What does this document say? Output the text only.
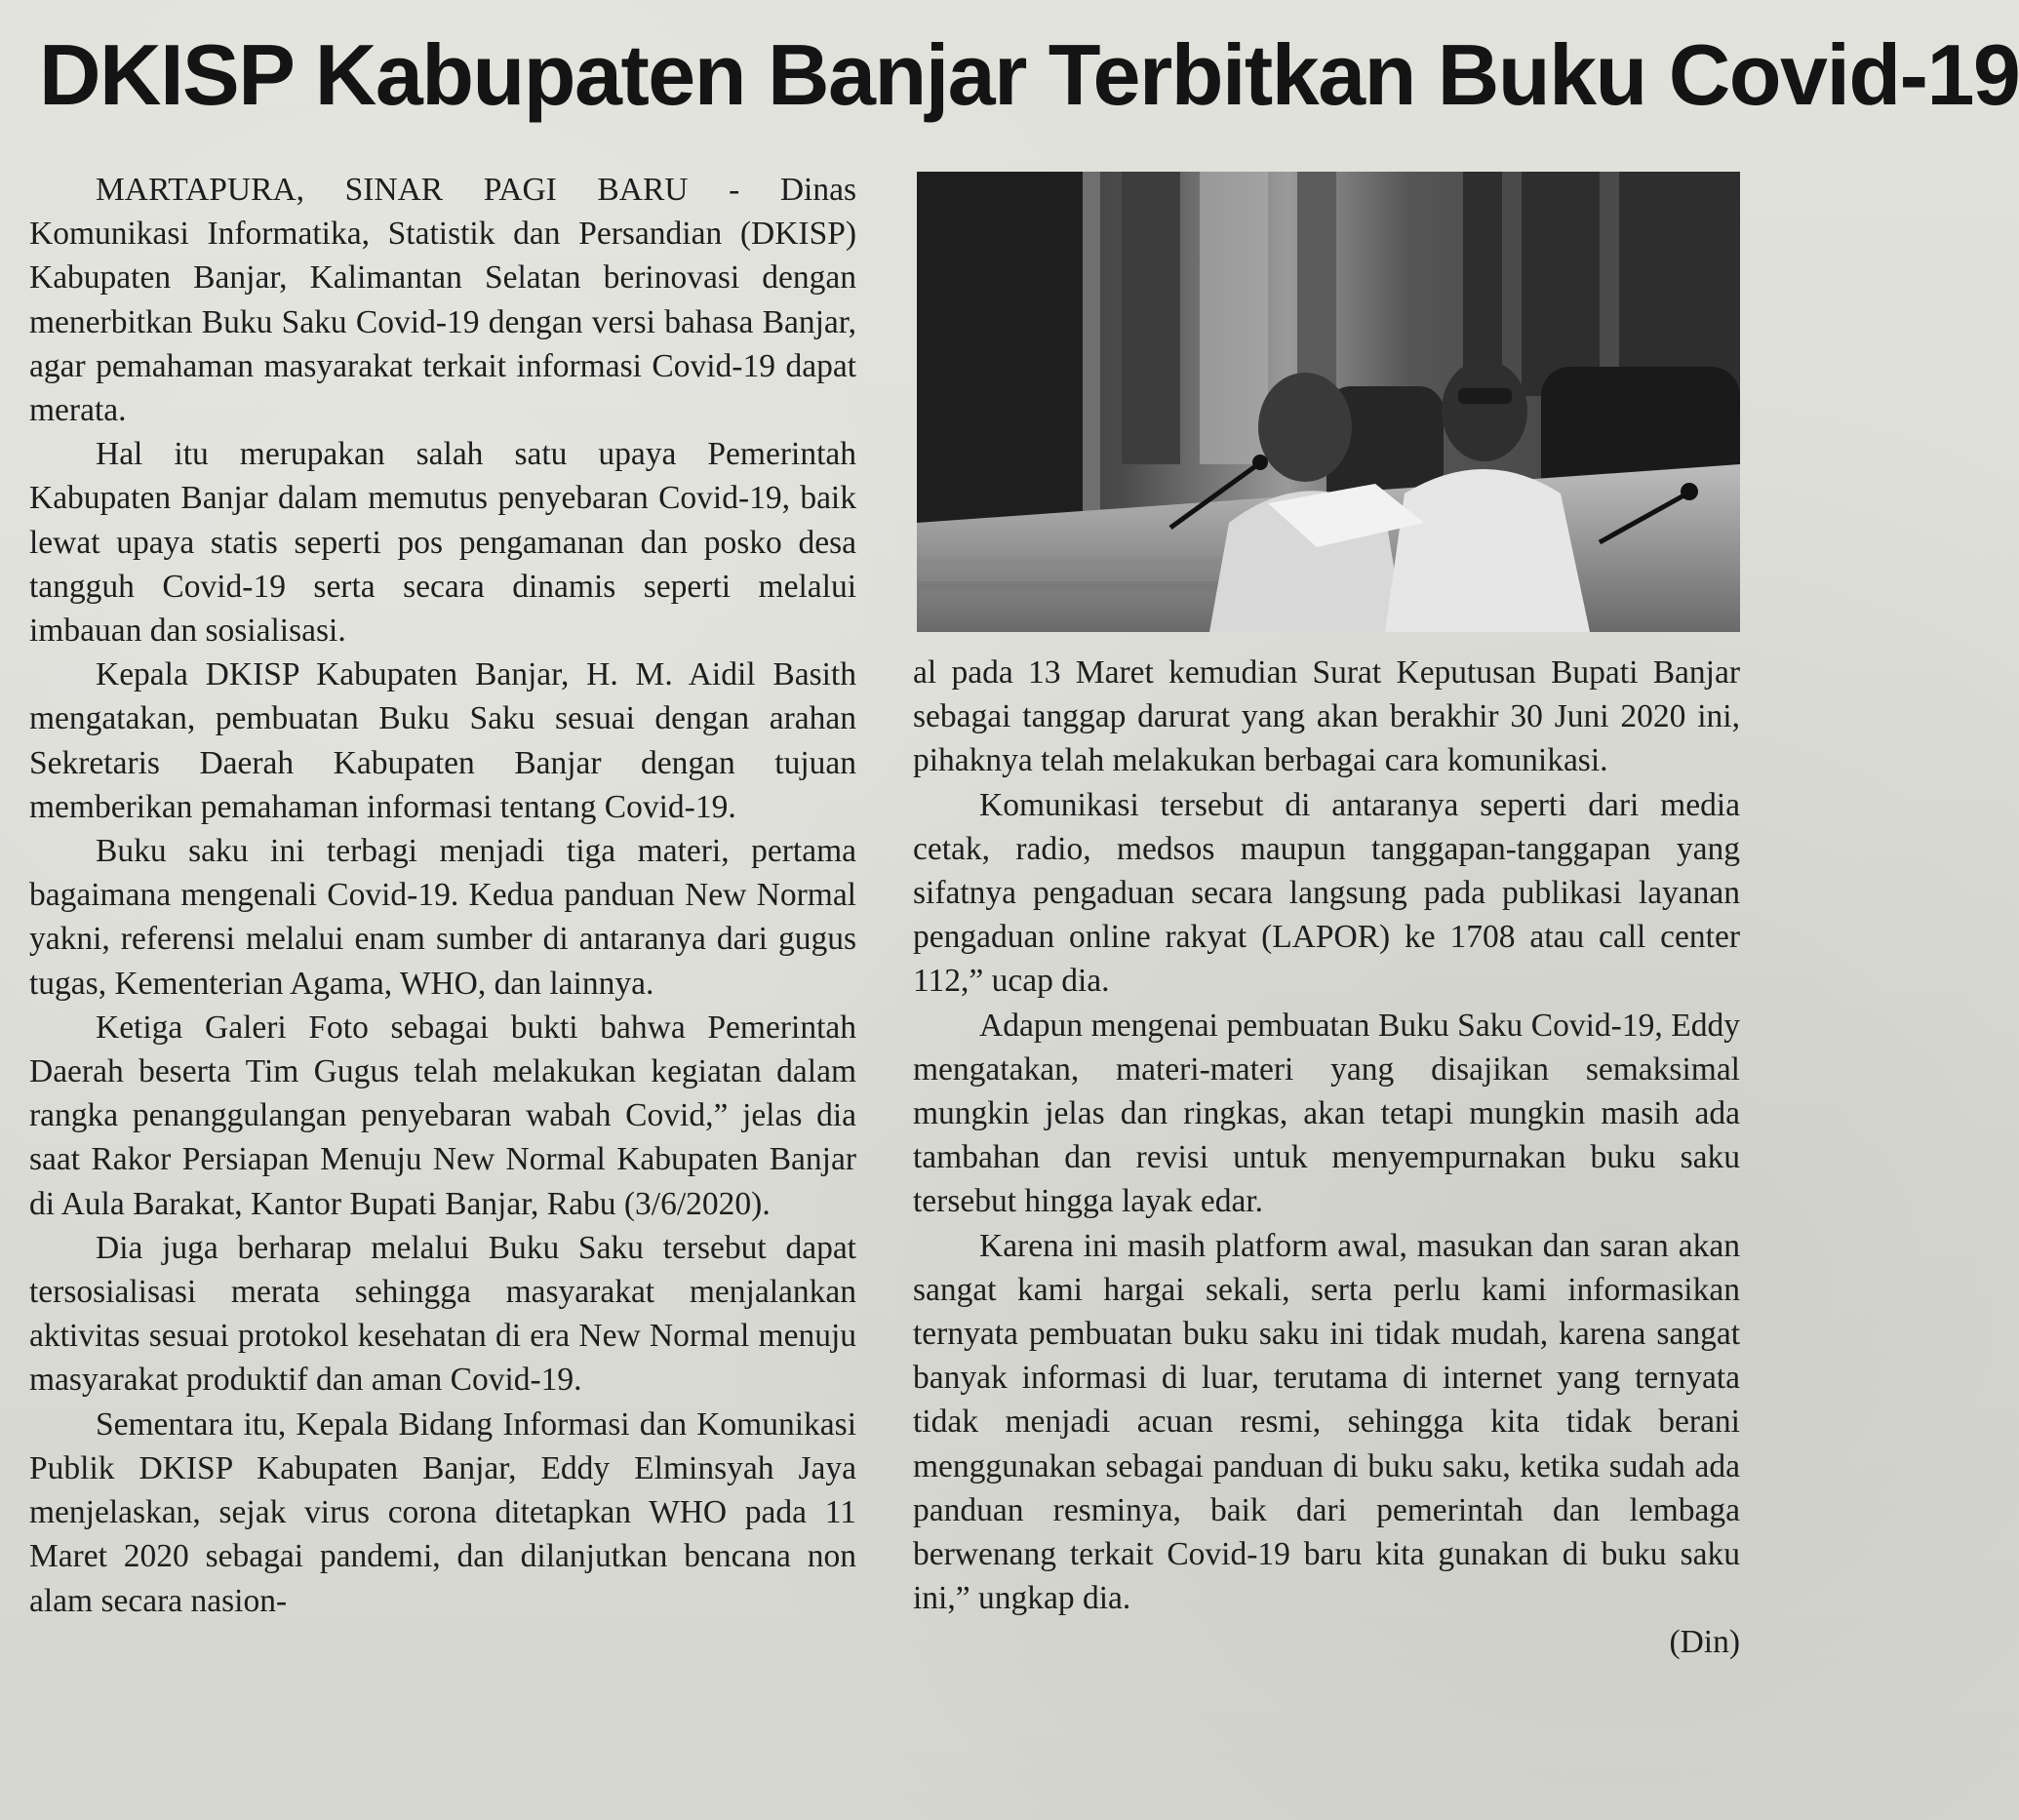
DKISP Kabupaten Banjar Terbitkan Buku Covid-19

MARTAPURA, SINAR PAGI BARU - Dinas Komunikasi Informatika, Statistik dan Persandian (DKISP) Kabupaten Banjar, Kalimantan Selatan berinovasi dengan menerbitkan Buku Saku Covid-19 dengan versi bahasa Banjar, agar pemahaman masyarakat terkait informasi Covid-19 dapat merata.

Hal itu merupakan salah satu upaya Pemerintah Kabupaten Banjar dalam memutus penyebaran Covid-19, baik lewat upaya statis seperti pos pengamanan dan posko desa tangguh Covid-19 serta secara dinamis seperti melalui imbauan dan sosialisasi.

Kepala DKISP Kabupaten Banjar, H. M. Aidil Basith mengatakan, pembuatan Buku Saku sesuai dengan arahan Sekretaris Daerah Kabupaten Banjar dengan tujuan memberikan pemahaman informasi tentang Covid-19.

Buku saku ini terbagi menjadi tiga materi, pertama bagaimana mengenali Covid-19. Kedua panduan New Normal yakni, referensi melalui enam sumber di antaranya dari gugus tugas, Kementerian Agama, WHO, dan lainnya.

Ketiga Galeri Foto sebagai bukti bahwa Pemerintah Daerah beserta Tim Gugus telah melakukan kegiatan dalam rangka penanggulangan penyebaran wabah Covid,” jelas dia saat Rakor Persiapan Menuju New Normal Kabupaten Banjar di Aula Barakat, Kantor Bupati Banjar, Rabu (3/6/2020).

Dia juga berharap melalui Buku Saku tersebut dapat tersosialisasi merata sehingga masyarakat menjalankan aktivitas sesuai protokol kesehatan di era New Normal menuju masyarakat produktif dan aman Covid-19.

Sementara itu, Kepala Bidang Informasi dan Komunikasi Publik DKISP Kabupaten Banjar, Eddy Elminsyah Jaya menjelaskan, sejak virus corona ditetapkan WHO pada 11 Maret 2020 sebagai pandemi, dan dilanjutkan bencana non alam secara nasion-

al pada 13 Maret kemudian Surat Keputusan Bupati Banjar sebagai tanggap darurat yang akan berakhir 30 Juni 2020 ini, pihaknya telah melakukan berbagai cara komunikasi.

Komunikasi tersebut di antaranya seperti dari media cetak, radio, medsos maupun tanggapan-tanggapan yang sifatnya pengaduan secara langsung pada publikasi layanan pengaduan online rakyat (LAPOR) ke 1708 atau call center 112,” ucap dia.

Adapun mengenai pembuatan Buku Saku Covid-19, Eddy mengatakan, materi-materi yang disajikan semaksimal mungkin jelas dan ringkas, akan tetapi mungkin masih ada tambahan dan revisi untuk menyempurnakan buku saku tersebut hingga layak edar.

Karena ini masih platform awal, masukan dan saran akan sangat kami hargai sekali, serta perlu kami informasikan ternyata pembuatan buku saku ini tidak mudah, karena sangat banyak informasi di luar, terutama di internet yang ternyata tidak menjadi acuan resmi, sehingga kita tidak berani menggunakan sebagai panduan di buku saku, ketika sudah ada panduan resminya, baik dari pemerintah dan lembaga berwenang terkait Covid-19 baru kita gunakan di buku saku ini,” ungkap dia.

(Din)
